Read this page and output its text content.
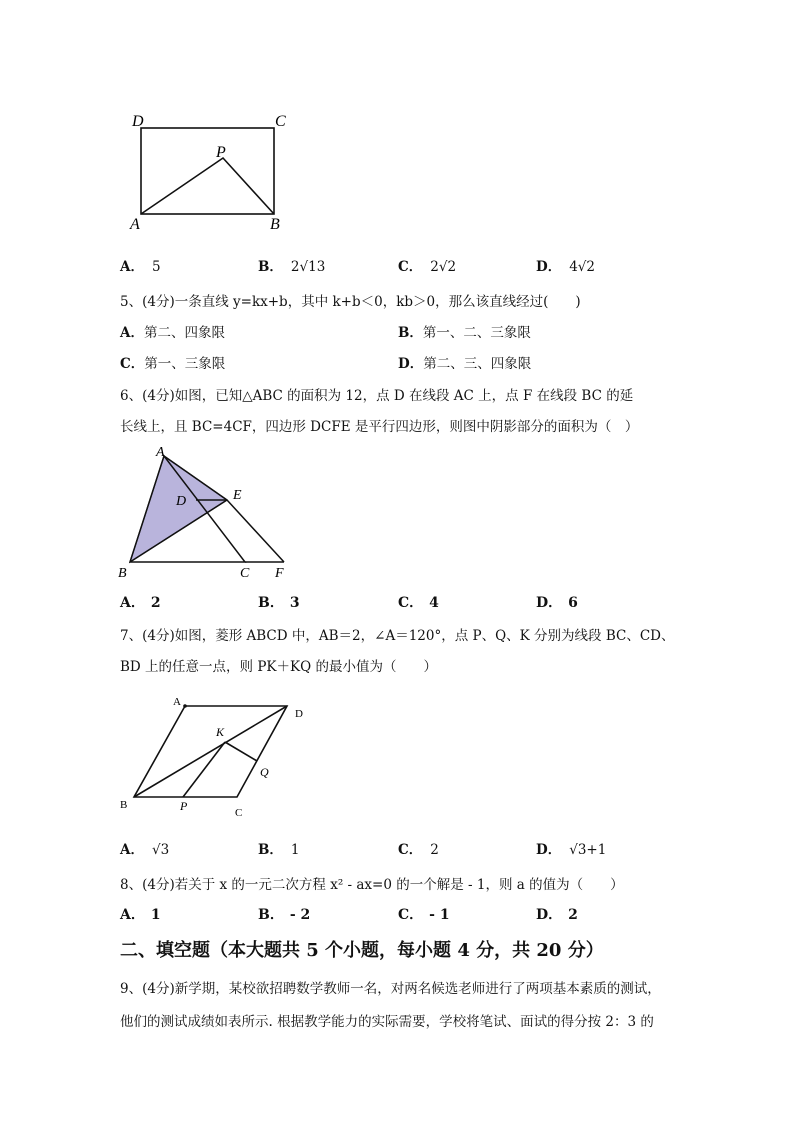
D	C
P
A	B
A． 5	B． 2√13	C． 2√2	D． 4√2
5、(4分)一条直线 y=kx+b，其中 k+b＜0，kb＞0，那么该直线经过(　　)
A．第二、四象限	B．第一、二、三象限
C．第一、三象限	D．第二、三、四象限
6、(4分)如图，已知△ABC 的面积为 12，点 D 在线段 AC 上，点 F 在线段 BC 的延
长线上，且 BC=4CF，四边形 DCFE 是平行四边形，则图中阴影部分的面积为（　）
A
D	E
B	C F
A． 2	B． 3	C． 4	D． 6
7、(4分)如图，菱形 ABCD 中，AB＝2，∠A＝120°，点 P、Q、K 分别为线段 BC、CD、
BD 上的任意一点，则 PK＋KQ 的最小值为（　　）
A
D
K
Q
B	P	C
A． √3	B． 1	C． 2	D． √3+1
8、(4分)若关于 x 的一元二次方程 x² - ax=0 的一个解是 - 1，则 a 的值为（　　）
A． 1	B． - 2	C． - 1	D． 2
二、填空题（本大题共 5 个小题，每小题 4 分，共 20 分）
9、(4分)新学期，某校欲招聘数学教师一名，对两名候选老师进行了两项基本素质的测试，
他们的测试成绩如表所示. 根据教学能力的实际需要，学校将笔试、面试的得分按 2：3 的
